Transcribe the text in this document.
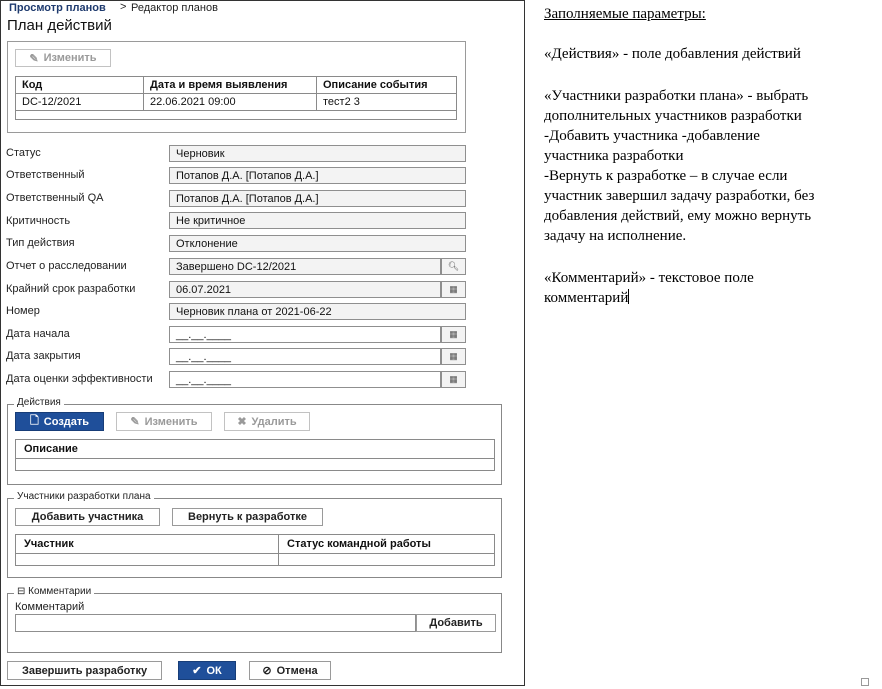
Просмотр планов > Редактор планов
План действий
✎ Изменить
Код	Дата и время выявления	Описание события
DC-12/2021	22.06.2021 09:00	тест2 3

Статус	Черновик
Ответственный	Потапов Д.А. [Потапов Д.А.]
Ответственный QA	Потапов Д.А. [Потапов Д.А.]
Критичность	Не критичное
Тип действия	Отклонение
Отчет о расследовании	Завершено DC-12/2021	🔍︎
Крайний срок разработки	06.07.2021	▦
Номер	Черновик плана от 2021-06-22
Дата начала	__.__.____	▦
Дата закрытия	__.__.____	▦
Дата оценки эффективности	__.__.____	▦
Действия
🗋 Создать	✎ Изменить	✖ Удалить
Описание

Участники разработки плана
Добавить участника	Вернуть к разработке
Участник	Статус командной работы

⊟ Комментарии
Комментарий
Добавить
Завершить разработку	✔ ОК	⊘ Отмена
Заполняемые параметры:
«Действия» - поле добавления действий
«Участники разработки плана» - выбрать
дополнительных участников разработки
-Добавить участника -добавление
участника разработки
-Вернуть к разработке – в случае если
участник завершил задачу разработки, без
добавления действий, ему можно вернуть
задачу на исполнение.
«Комментарий» - текстовое поле
комментарий
